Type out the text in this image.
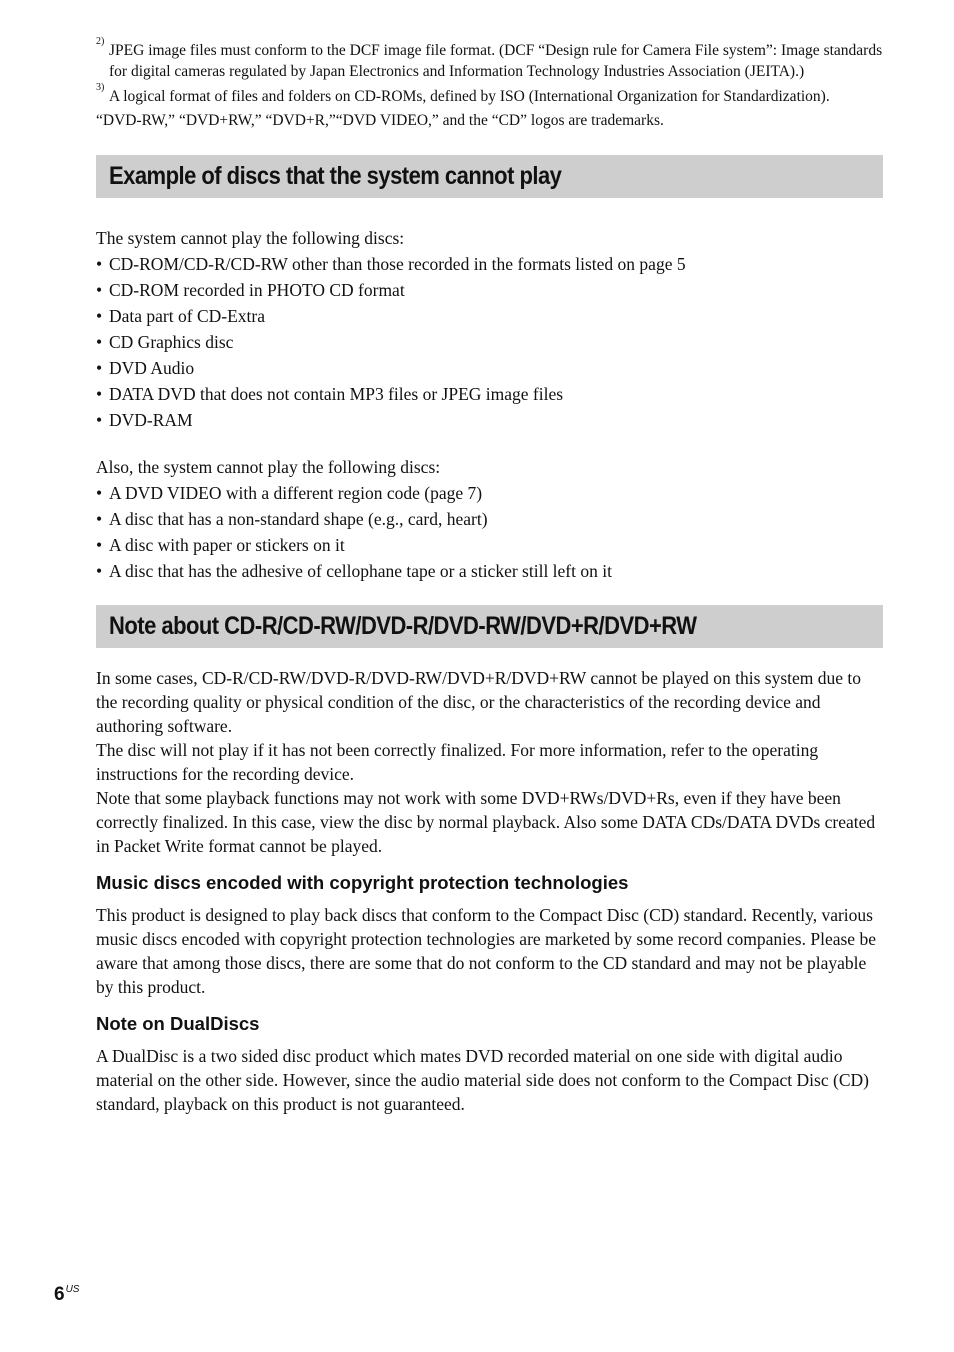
2)
JPEG image files must conform to the DCF image file format. (DCF “Design rule for Camera File system”: Image standards for digital cameras regulated by Japan Electronics and Information Technology Industries Association (JEITA).)
3)
A logical format of files and folders on CD-ROMs, defined by ISO (International Organization for Standardization).
“DVD-RW,” “DVD+RW,” “DVD+R,”“DVD VIDEO,” and the “CD” logos are trademarks.
Example of discs that the system cannot play
The system cannot play the following discs:
• CD-ROM/CD-R/CD-RW other than those recorded in the formats listed on page 5
• CD-ROM recorded in PHOTO CD format
• Data part of CD-Extra
• CD Graphics disc
• DVD Audio
• DATA DVD that does not contain MP3 files or JPEG image files
• DVD-RAM
Also, the system cannot play the following discs:
• A DVD VIDEO with a different region code (page 7)
• A disc that has a non-standard shape (e.g., card, heart)
• A disc with paper or stickers on it
• A disc that has the adhesive of cellophane tape or a sticker still left on it
Note about CD-R/CD-RW/DVD-R/DVD-RW/DVD+R/DVD+RW

In some cases, CD-R/CD-RW/DVD-R/DVD-RW/DVD+R/DVD+RW cannot be played on this system due to the recording quality or physical condition of the disc, or the characteristics of the recording device and authoring software.

The disc will not play if it has not been correctly finalized. For more information, refer to the operating instructions for the recording device.

Note that some playback functions may not work with some DVD+RWs/DVD+Rs, even if they have been correctly finalized. In this case, view the disc by normal playback. Also some DATA CDs/DATA DVDs created in Packet Write format cannot be played.

Music discs encoded with copyright protection technologies

This product is designed to play back discs that conform to the Compact Disc (CD) standard. Recently, various music discs encoded with copyright protection technologies are marketed by some record companies. Please be aware that among those discs, there are some that do not conform to the CD standard and may not be playable by this product.

Note on DualDiscs

A DualDisc is a two sided disc product which mates DVD recorded material on one side with digital audio material on the other side. However, since the audio material side does not conform to the Compact Disc (CD) standard, playback on this product is not guaranteed.

$6^{US}$
